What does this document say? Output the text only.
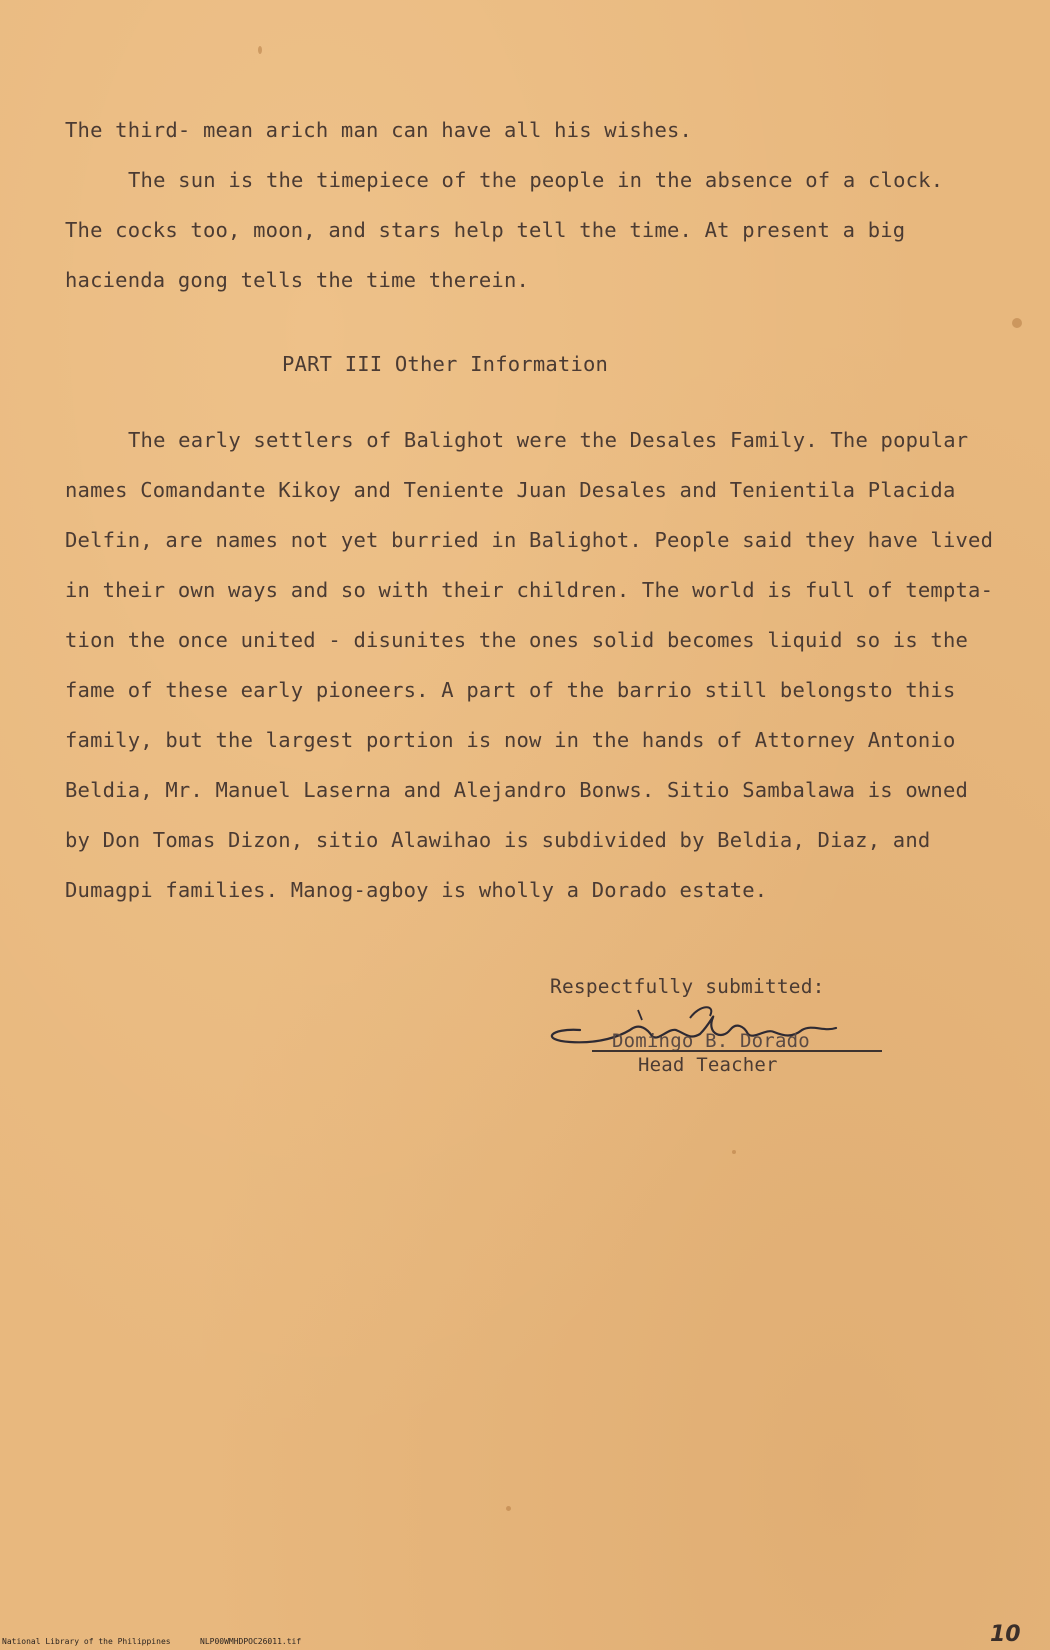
The third- mean arich man can have all his wishes.
The sun is the timepiece of the people in the absence of a clock.
The cocks too, moon, and stars help tell the time. At present a big
hacienda gong tells the time therein.
PART III Other Information
The early settlers of Balighot were the Desales Family. The popular
names Comandante Kikoy and Teniente Juan Desales and Tenientila Placida
Delfin, are names not yet burried in Balighot. People said they have lived
in their own ways and so with their children. The world is full of tempta-
tion the once united - disunites the ones solid becomes liquid so is the
fame of these early pioneers. A part of the barrio still belongsto this
family, but the largest portion is now in the hands of Attorney Antonio
Beldia, Mr. Manuel Laserna and Alejandro Bonws. Sitio Sambalawa is owned
by Don Tomas Dizon, sitio Alawihao is subdivided by Beldia, Diaz, and
Dumagpi families. Manog-agboy is wholly a Dorado estate.
Respectfully submitted:
Domingo B. Dorado
Head Teacher
National Library of the Philippines	NLP00WMHDPOC26011.tif	10
